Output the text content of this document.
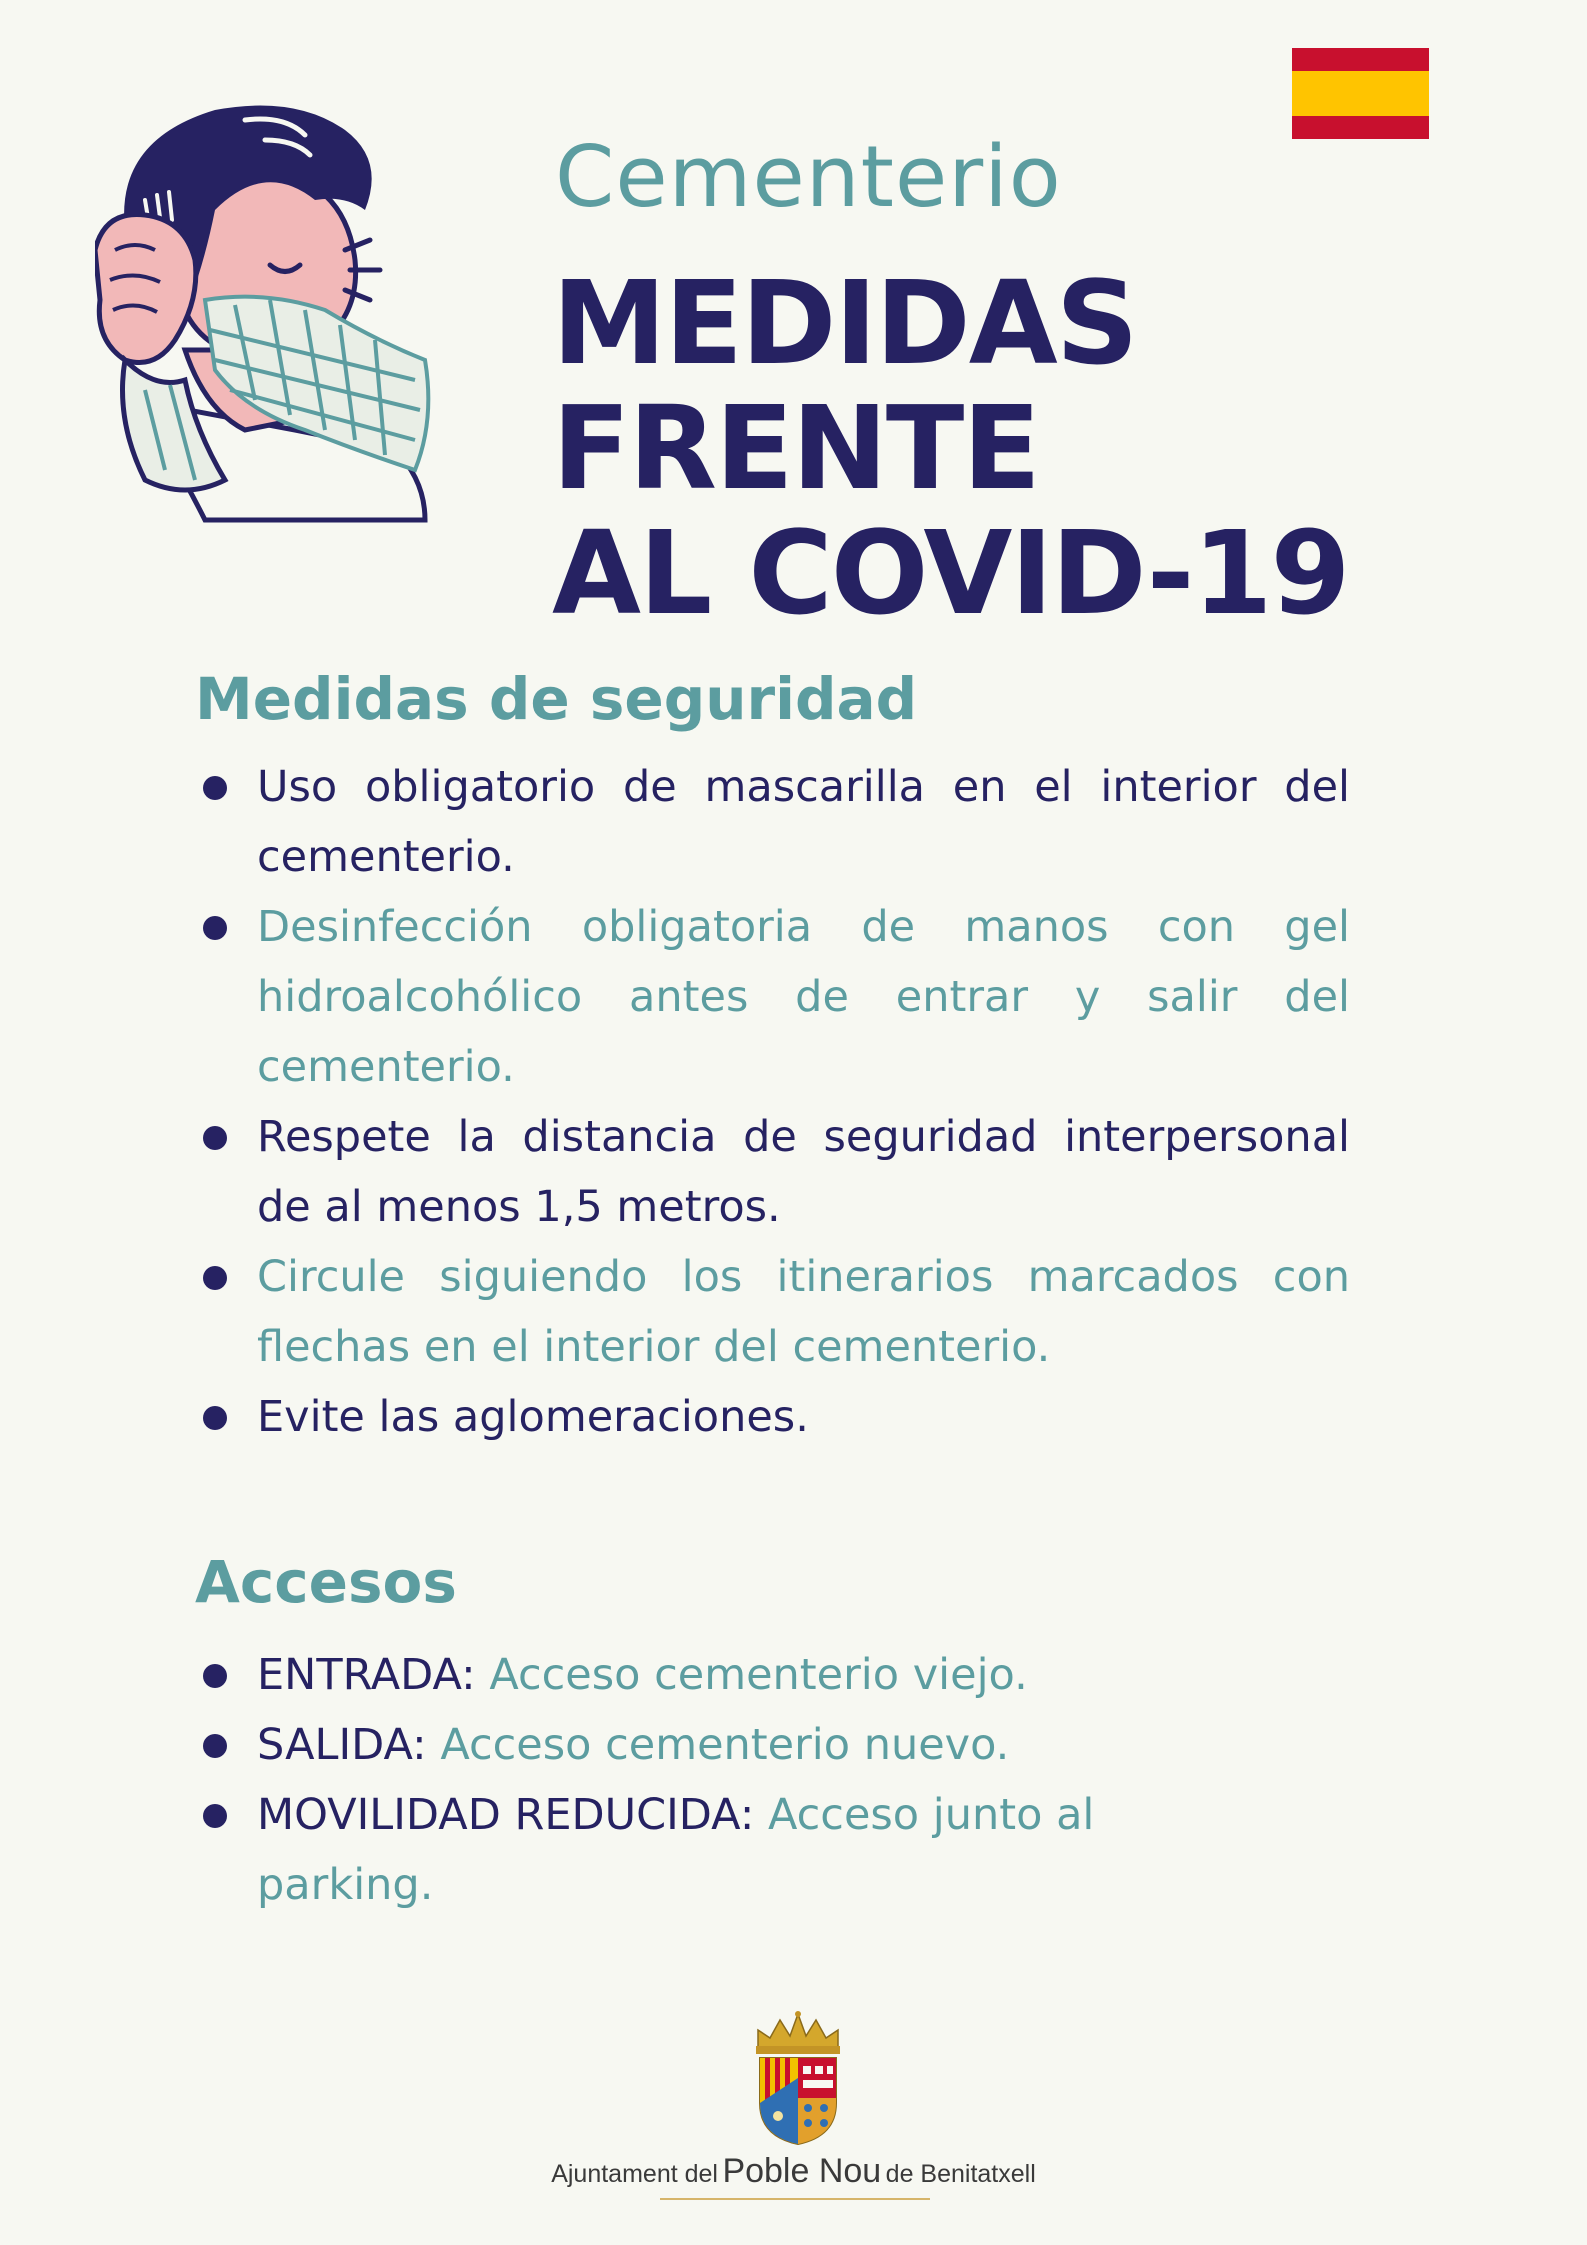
Cementerio
MEDIDAS FRENTE
AL COVID-19
Medidas de seguridad
Uso obligatorio de mascarilla en el interior del cementerio.
Desinfección obligatoria de manos con gel hidroalcohólico antes de entrar y salir del cementerio.
Respete la distancia de seguridad interpersonal de al menos 1,5 metros.
Circule siguiendo los itinerarios marcados con flechas en el interior del cementerio.
Evite las aglomeraciones.
Accesos
ENTRADA: Acceso cementerio viejo.
SALIDA: Acceso cementerio nuevo.
MOVILIDAD REDUCIDA: Acceso junto al parking.
Ajuntament del Poble Nou de Benitatxell
